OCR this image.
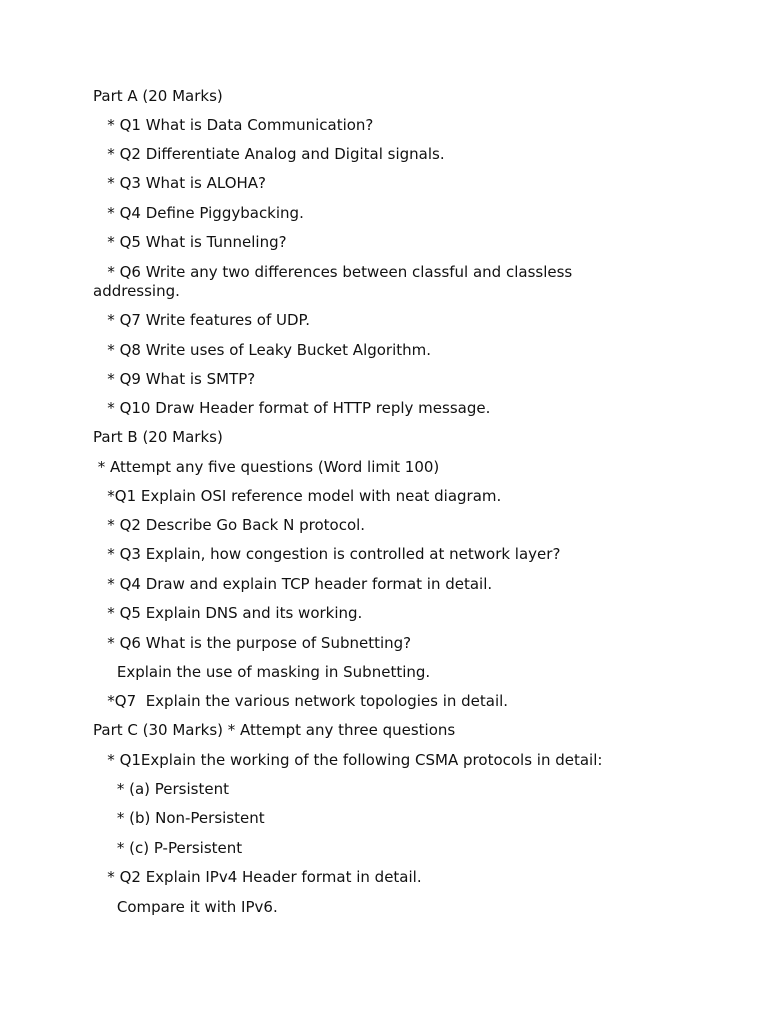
Part A (20 Marks)
* Q1 What is Data Communication?
* Q2 Differentiate Analog and Digital signals.
* Q3 What is ALOHA?
* Q4 Define Piggybacking.
* Q5 What is Tunneling?
* Q6 Write any two differences between classful and classless addressing.
* Q7 Write features of UDP.
* Q8 Write uses of Leaky Bucket Algorithm.
* Q9 What is SMTP?
* Q10 Draw Header format of HTTP reply message.
Part B (20 Marks)
* Attempt any five questions (Word limit 100)
*Q1 Explain OSI reference model with neat diagram.
* Q2 Describe Go Back N protocol.
* Q3 Explain, how congestion is controlled at network layer?
* Q4 Draw and explain TCP header format in detail.
* Q5 Explain DNS and its working.
* Q6 What is the purpose of Subnetting?
Explain the use of masking in Subnetting.
*Q7  Explain the various network topologies in detail.
Part C (30 Marks) * Attempt any three questions
* Q1Explain the working of the following CSMA protocols in detail:
* (a) Persistent
* (b) Non-Persistent
* (c) P-Persistent
* Q2 Explain IPv4 Header format in detail.
Compare it with IPv6.
